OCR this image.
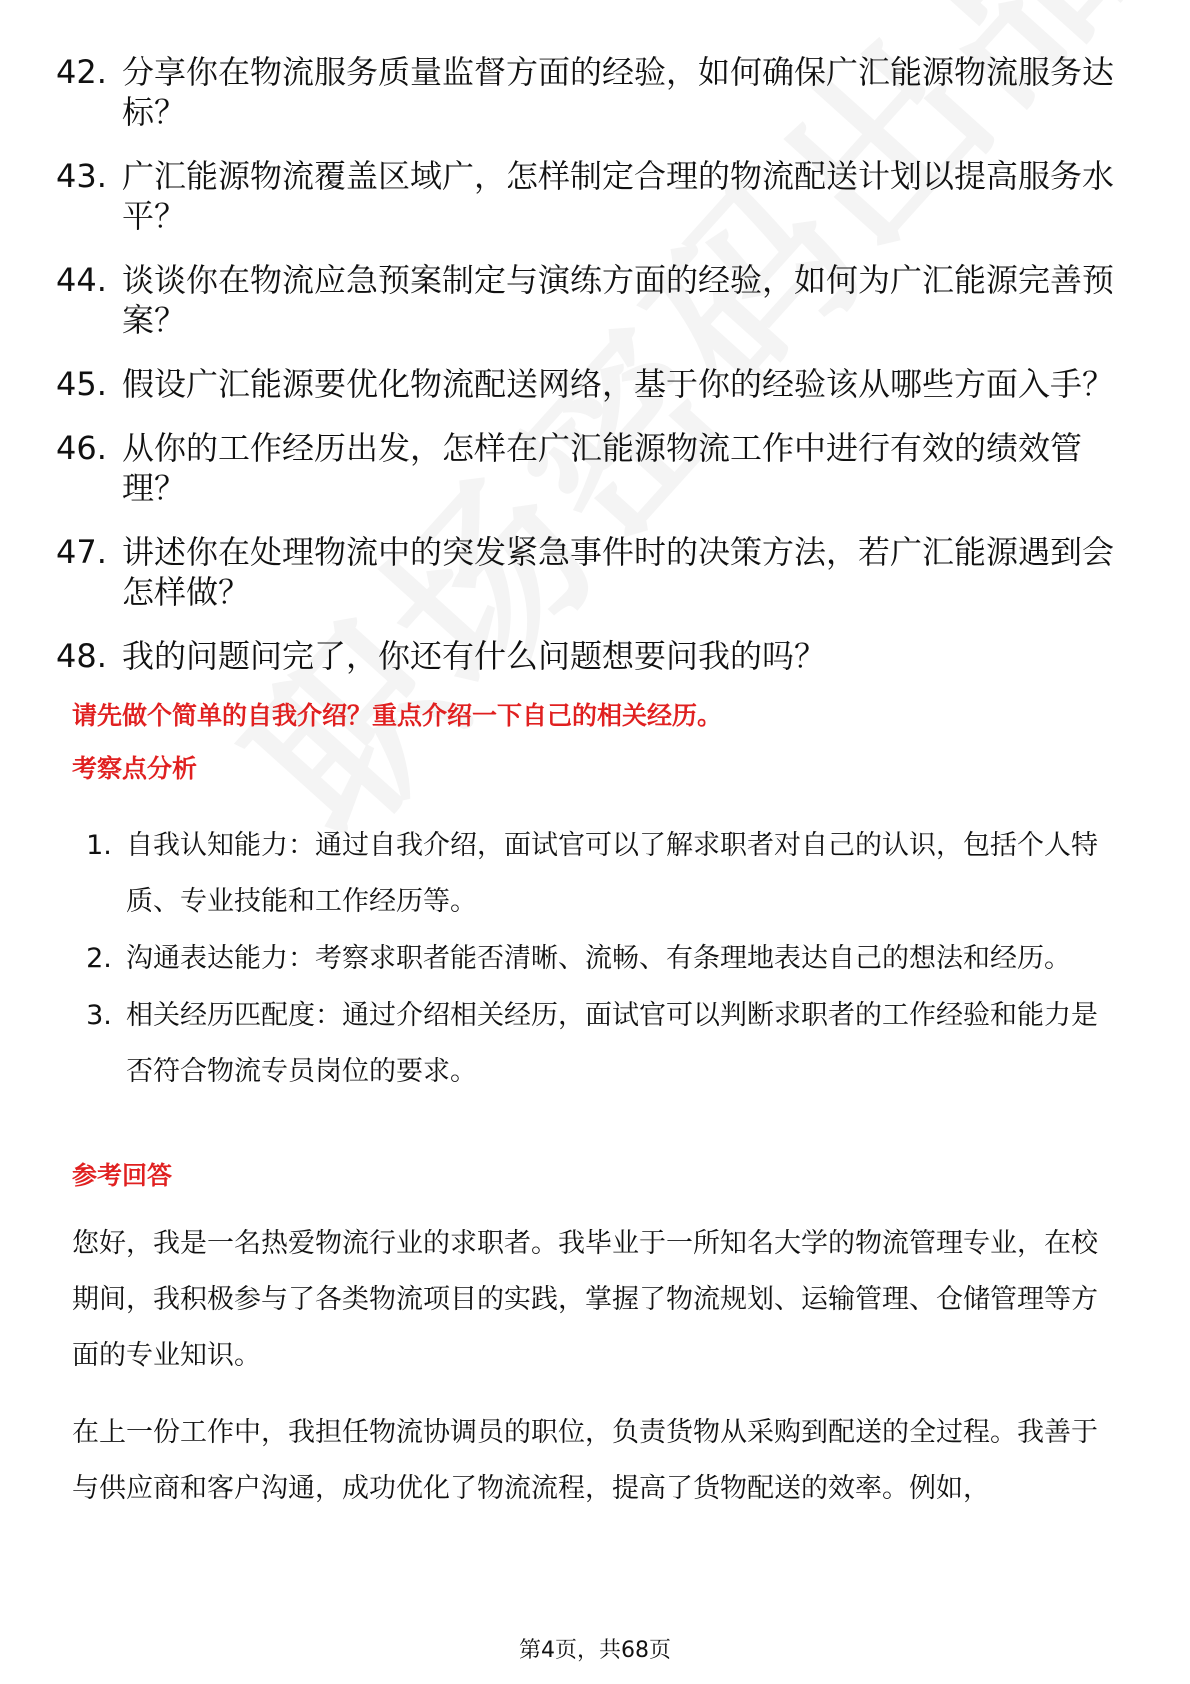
42. 分享你在物流服务质量监督方面的经验，如何确保广汇能源物流服务达标？
43. 广汇能源物流覆盖区域广，怎样制定合理的物流配送计划以提高服务水平？
44. 谈谈你在物流应急预案制定与演练方面的经验，如何为广汇能源完善预案？
45. 假设广汇能源要优化物流配送网络，基于你的经验该从哪些方面入手？
46. 从你的工作经历出发，怎样在广汇能源物流工作中进行有效的绩效管理？
47. 讲述你在处理物流中的突发紧急事件时的决策方法，若广汇能源遇到会怎样做？
48. 我的问题问完了，你还有什么问题想要问我的吗？
请先做个简单的自我介绍？重点介绍一下自己的相关经历。
考察点分析
1. 自我认知能力：通过自我介绍，面试官可以了解求职者对自己的认识，包括个人特质、专业技能和工作经历等。
2. 沟通表达能力：考察求职者能否清晰、流畅、有条理地表达自己的想法和经历。
3. 相关经历匹配度：通过介绍相关经历，面试官可以判断求职者的工作经验和能力是否符合物流专员岗位的要求。
参考回答
您好，我是一名热爱物流行业的求职者。我毕业于一所知名大学的物流管理专业，在校期间，我积极参与了各类物流项目的实践，掌握了物流规划、运输管理、仓储管理等方面的专业知识。
在上一份工作中，我担任物流协调员的职位，负责货物从采购到配送的全过程。我善于与供应商和客户沟通，成功优化了物流流程，提高了货物配送的效率。例如，
第4页，共68页
